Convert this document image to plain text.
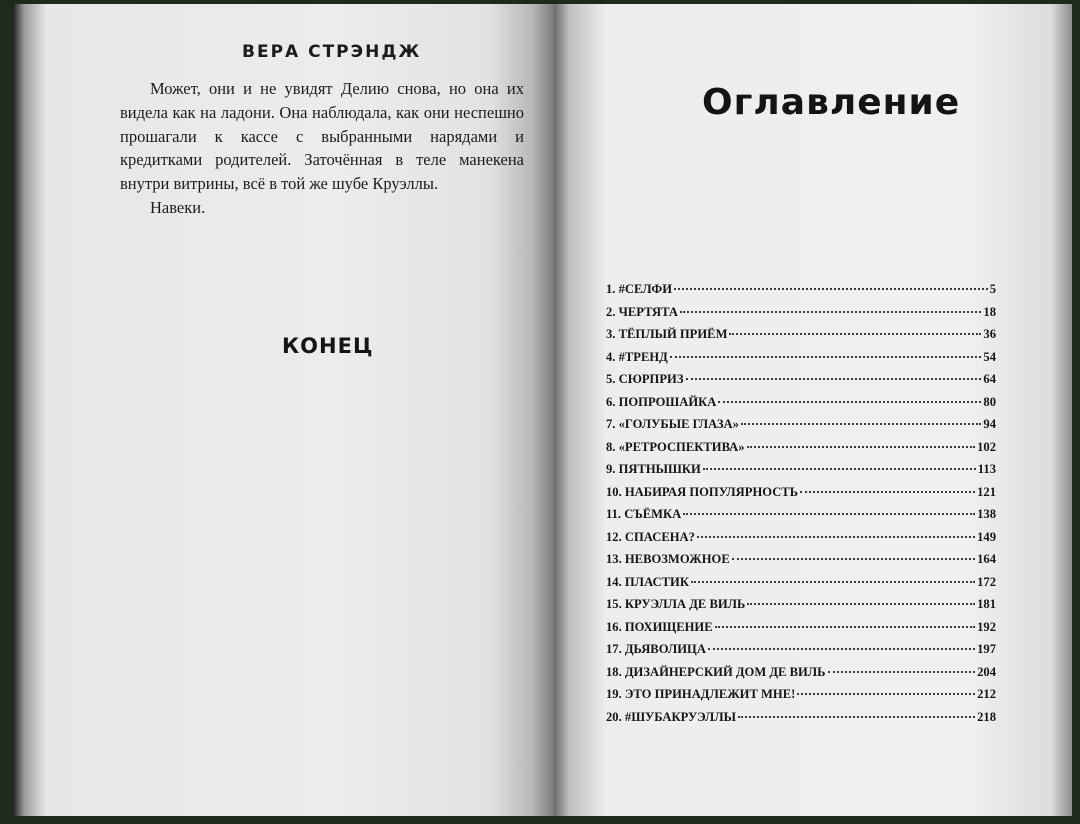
ВЕРА СТРЭНДЖ

Может, они и не увидят Делию снова, но она их видела как на ладони. Она наблюдала, как они неспешно прошагали к кассе с выбранными нарядами и кредитками родителей. Заточённая в теле манекена внутри витрины, всё в той же шубе Круэллы.

Навеки.

КОНЕЦ
Оглавление
1. #СЕЛФИ	5
2. ЧЕРТЯТА	18
3. ТЁПЛЫЙ ПРИЁМ	36
4. #ТРЕНД	54
5. СЮРПРИЗ	64
6. ПОПРОШАЙКА	80
7. «ГОЛУБЫЕ ГЛАЗА»	94
8. «РЕТРОСПЕКТИВА»	102
9. ПЯТНЫШКИ	113
10. НАБИРАЯ ПОПУЛЯРНОСТЬ	121
11. СЪЁМКА	138
12. СПАСЕНА?	149
13. НЕВОЗМОЖНОЕ	164
14. ПЛАСТИК	172
15. КРУЭЛЛА ДЕ ВИЛЬ	181
16. ПОХИЩЕНИЕ	192
17. ДЬЯВОЛИЦА	197
18. ДИЗАЙНЕРСКИЙ ДОМ ДЕ ВИЛЬ	204
19. ЭТО ПРИНАДЛЕЖИТ МНЕ!	212
20. #ШУБАКРУЭЛЛЫ	218
